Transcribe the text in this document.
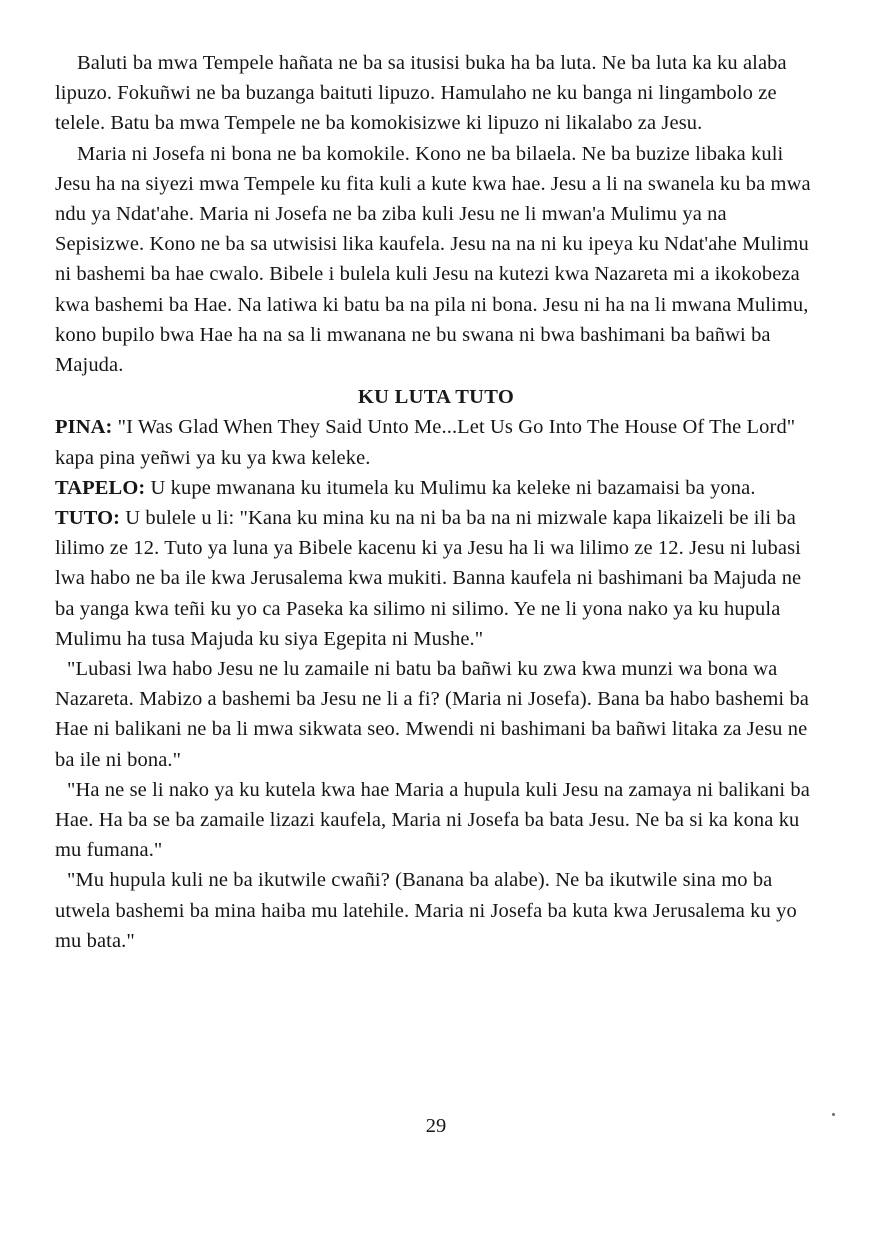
Baluti ba mwa Tempele hañata ne ba sa itusisi buka ha ba luta. Ne ba luta ka ku alaba lipuzo. Fokuñwi ne ba buzanga baituti lipuzo. Hamulaho ne ku banga ni lingambolo ze telele. Batu ba mwa Tempele ne ba komokisizwe ki lipuzo ni likalabo za Jesu.

Maria ni Josefa ni bona ne ba komokile. Kono ne ba bilaela. Ne ba buzize libaka kuli Jesu ha na siyezi mwa Tempele ku fita kuli a kute kwa hae. Jesu a li na swanela ku ba mwa ndu ya Ndat'ahe. Maria ni Josefa ne ba ziba kuli Jesu ne li mwan'a Mulimu ya na Sepisizwe. Kono ne ba sa utwisisi lika kaufela. Jesu na na ni ku ipeya ku Ndat'ahe Mulimu ni bashemi ba hae cwalo. Bibele i bulela kuli Jesu na kutezi kwa Nazareta mi a ikokobeza kwa bashemi ba Hae. Na latiwa ki batu ba na pila ni bona. Jesu ni ha na li mwana Mulimu, kono bupilo bwa Hae ha na sa li mwanana ne bu swana ni bwa bashimani ba bañwi ba Majuda.

KU LUTA TUTO

PINA: "I Was Glad When They Said Unto Me...Let Us Go Into The House Of The Lord" kapa pina yeñwi ya ku ya kwa keleke.

TAPELO: U kupe mwanana ku itumela ku Mulimu ka keleke ni bazamaisi ba yona.

TUTO: U bulele u li: "Kana ku mina ku na ni ba ba na ni mizwale kapa likaizeli be ili ba lilimo ze 12. Tuto ya luna ya Bibele kacenu ki ya Jesu ha li wa lilimo ze 12. Jesu ni lubasi lwa habo ne ba ile kwa Jerusalema kwa mukiti. Banna kaufela ni bashimani ba Majuda ne ba yanga kwa teñi ku yo ca Paseka ka silimo ni silimo. Ye ne li yona nako ya ku hupula Mulimu ha tusa Majuda ku siya Egepita ni Mushe."

"Lubasi lwa habo Jesu ne lu zamaile ni batu ba bañwi ku zwa kwa munzi wa bona wa Nazareta. Mabizo a bashemi ba Jesu ne li a fi? (Maria ni Josefa). Bana ba habo bashemi ba Hae ni balikani ne ba li mwa sikwata seo. Mwendi ni bashimani ba bañwi litaka za Jesu ne ba ile ni bona."

"Ha ne se li nako ya ku kutela kwa hae Maria a hupula kuli Jesu na zamaya ni balikani ba Hae. Ha ba se ba zamaile lizazi kaufela, Maria ni Josefa ba bata Jesu. Ne ba si ka kona ku mu fumana."

"Mu hupula kuli ne ba ikutwile cwañi? (Banana ba alabe). Ne ba ikutwile sina mo ba utwela bashemi ba mina haiba mu latehile. Maria ni Josefa ba kuta kwa Jerusalema ku yo mu bata."

29
